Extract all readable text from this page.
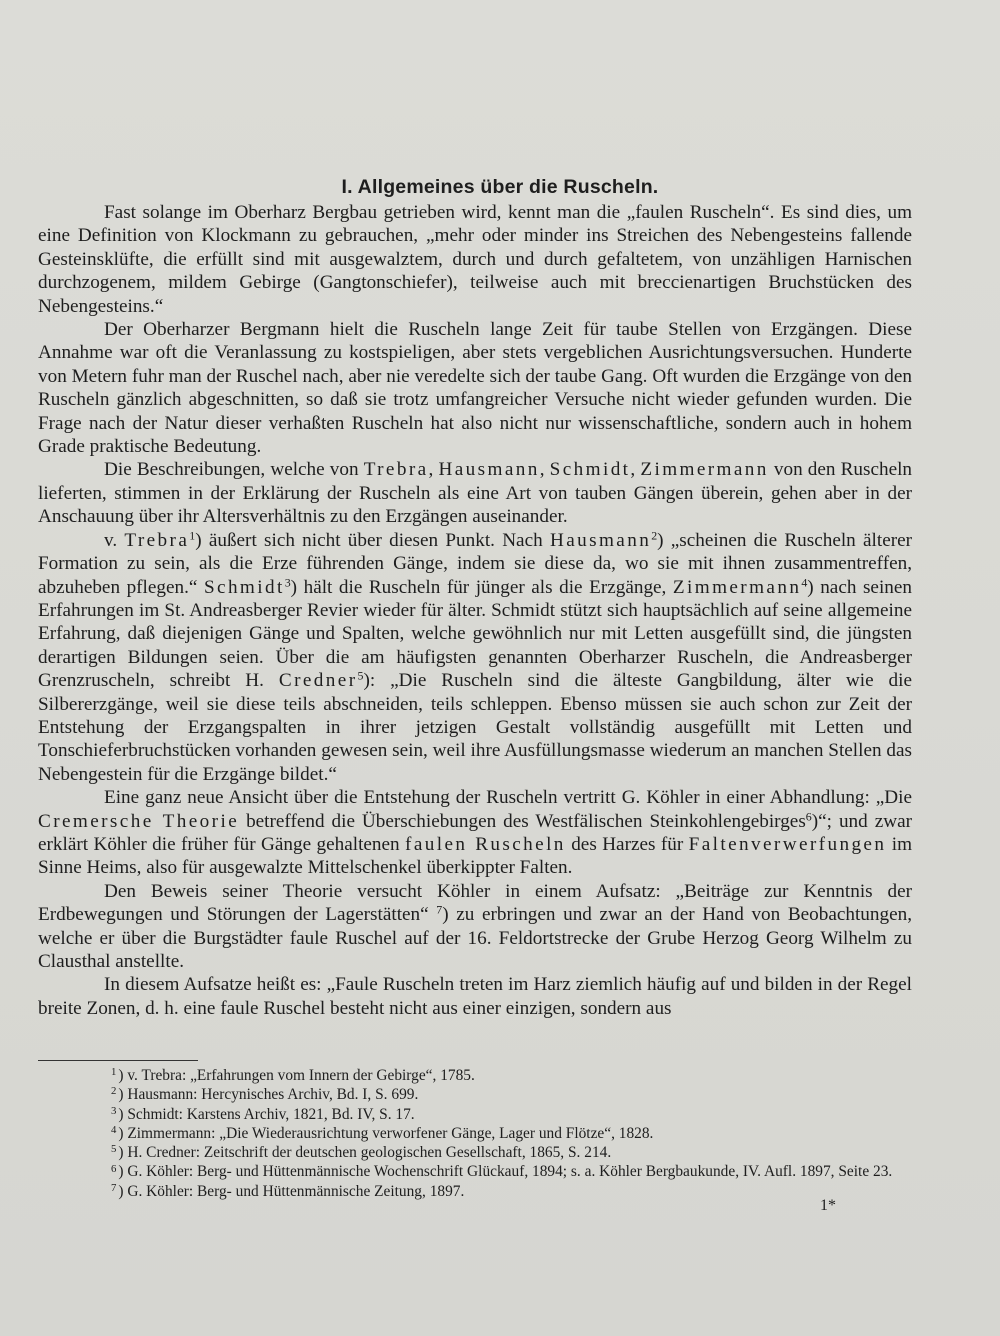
I. Allgemeines über die Ruscheln.

Fast solange im Oberharz Bergbau getrieben wird, kennt man die „faulen Ruscheln“. Es sind dies, um eine Definition von Klockmann zu gebrauchen, „mehr oder minder ins Streichen des Nebengesteins fallende Gesteinsklüfte, die erfüllt sind mit ausgewalztem, durch und durch gefaltetem, von unzähligen Harnischen durchzogenem, mildem Gebirge (Gangtonschiefer), teilweise auch mit breccienartigen Bruchstücken des Nebengesteins.“

Der Oberharzer Bergmann hielt die Ruscheln lange Zeit für taube Stellen von Erzgängen. Diese Annahme war oft die Veranlassung zu kostspieligen, aber stets vergeblichen Ausrichtungsversuchen. Hunderte von Metern fuhr man der Ruschel nach, aber nie veredelte sich der taube Gang. Oft wurden die Erzgänge von den Ruscheln gänzlich abgeschnitten, so daß sie trotz umfangreicher Versuche nicht wieder gefunden wurden. Die Frage nach der Natur dieser verhaßten Ruscheln hat also nicht nur wissenschaftliche, sondern auch in hohem Grade praktische Bedeutung.

Die Beschreibungen, welche von Trebra, Hausmann, Schmidt, Zimmermann von den Ruscheln lieferten, stimmen in der Erklärung der Ruscheln als eine Art von tauben Gängen überein, gehen aber in der Anschauung über ihr Altersverhältnis zu den Erzgängen auseinander.

v. Trebra$^1$) äußert sich nicht über diesen Punkt. Nach Hausmann$^2$) „scheinen die Ruscheln älterer Formation zu sein, als die Erze führenden Gänge, indem sie diese da, wo sie mit ihnen zusammentreffen, abzuheben pflegen.“ Schmidt$^3$) hält die Ruscheln für jünger als die Erzgänge, Zimmermann$^4$) nach seinen Erfahrungen im St. Andreasberger Revier wieder für älter. Schmidt stützt sich hauptsächlich auf seine allgemeine Erfahrung, daß diejenigen Gänge und Spalten, welche gewöhnlich nur mit Letten ausgefüllt sind, die jüngsten derartigen Bildungen seien. Über die am häufigsten genannten Oberharzer Ruscheln, die Andreasberger Grenzruscheln, schreibt H. Credner$^5$): „Die Ruscheln sind die älteste Gangbildung, älter wie die Silbererzgänge, weil sie diese teils abschneiden, teils schleppen. Ebenso müssen sie auch schon zur Zeit der Entstehung der Erzgangspalten in ihrer jetzigen Gestalt vollständig ausgefüllt mit Letten und Tonschieferbruchstücken vorhanden gewesen sein, weil ihre Ausfüllungsmasse wiederum an manchen Stellen das Nebengestein für die Erzgänge bildet.“

Eine ganz neue Ansicht über die Entstehung der Ruscheln vertritt G. Köhler in einer Abhandlung: „Die Cremersche Theorie betreffend die Überschiebungen des Westfälischen Steinkohlengebirges$^6$)“; und zwar erklärt Köhler die früher für Gänge gehaltenen faulen Ruscheln des Harzes für Faltenverwerfungen im Sinne Heims, also für ausgewalzte Mittelschenkel überkippter Falten.

Den Beweis seiner Theorie versucht Köhler in einem Aufsatz: „Beiträge zur Kenntnis der Erdbewegungen und Störungen der Lagerstätten“ $^7$) zu erbringen und zwar an der Hand von Beobachtungen, welche er über die Burgstädter faule Ruschel auf der 16. Feldortstrecke der Grube Herzog Georg Wilhelm zu Clausthal anstellte.

In diesem Aufsatze heißt es: „Faule Ruscheln treten im Harz ziemlich häufig auf und bilden in der Regel breite Zonen, d. h. eine faule Ruschel besteht nicht aus einer einzigen, sondern aus

$^1$ ) v. Trebra: „Erfahrungen vom Innern der Gebirge“, 1785.
$^2$ ) Hausmann: Hercynisches Archiv, Bd. I, S. 699.
$^3$ ) Schmidt: Karstens Archiv, 1821, Bd. IV, S. 17.
$^4$ ) Zimmermann: „Die Wiederausrichtung verworfener Gänge, Lager und Flötze“, 1828.
$^5$ ) H. Credner: Zeitschrift der deutschen geologischen Gesellschaft, 1865, S. 214.
$^6$ ) G. Köhler: Berg- und Hüttenmännische Wochenschrift Glückauf, 1894; s. a. Köhler Bergbaukunde, IV. Aufl. 1897, Seite 23.
$^7$ ) G. Köhler: Berg- und Hüttenmännische Zeitung, 1897.
1*
